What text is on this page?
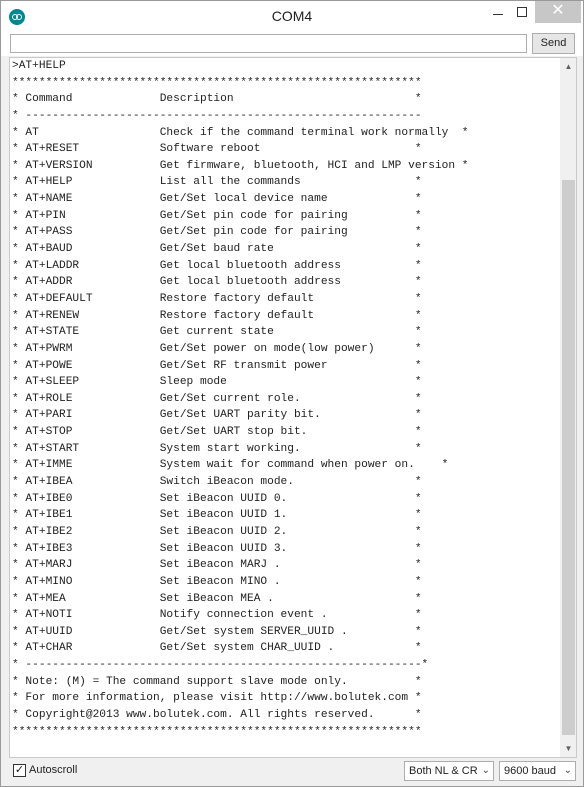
COM4	✕
Send
>AT+HELP
*************************************************************
* Command             Description                           *
* -----------------------------------------------------------
* AT                  Check if the command terminal work normally  *
* AT+RESET            Software reboot                       *
* AT+VERSION          Get firmware, bluetooth, HCI and LMP version *
* AT+HELP             List all the commands                 *
* AT+NAME             Get/Set local device name             *
* AT+PIN              Get/Set pin code for pairing          *
* AT+PASS             Get/Set pin code for pairing          *
* AT+BAUD             Get/Set baud rate                     *
* AT+LADDR            Get local bluetooth address           *
* AT+ADDR             Get local bluetooth address           *
* AT+DEFAULT          Restore factory default               *
* AT+RENEW            Restore factory default               *
* AT+STATE            Get current state                     *
* AT+PWRM             Get/Set power on mode(low power)      *
* AT+POWE             Get/Set RF transmit power             *
* AT+SLEEP            Sleep mode                            *
* AT+ROLE             Get/Set current role.                 *
* AT+PARI             Get/Set UART parity bit.              *
* AT+STOP             Get/Set UART stop bit.                *
* AT+START            System start working.                 *
* AT+IMME             System wait for command when power on.    *
* AT+IBEA             Switch iBeacon mode.                  *
* AT+IBE0             Set iBeacon UUID 0.                   *
* AT+IBE1             Set iBeacon UUID 1.                   *
* AT+IBE2             Set iBeacon UUID 2.                   *
* AT+IBE3             Set iBeacon UUID 3.                   *
* AT+MARJ             Set iBeacon MARJ .                    *
* AT+MINO             Set iBeacon MINO .                    *
* AT+MEA              Set iBeacon MEA .                     *
* AT+NOTI             Notify connection event .             *
* AT+UUID             Get/Set system SERVER_UUID .          *
* AT+CHAR             Get/Set system CHAR_UUID .            *
* -----------------------------------------------------------*
* Note: (M) = The command support slave mode only.          *
* For more information, please visit http://www.bolutek.com *
* Copyright@2013 www.bolutek.com. All rights reserved.      *
*************************************************************
▲
▼
✓ Autoscroll	Both NL & CR ⌄	9600 baud ⌄
